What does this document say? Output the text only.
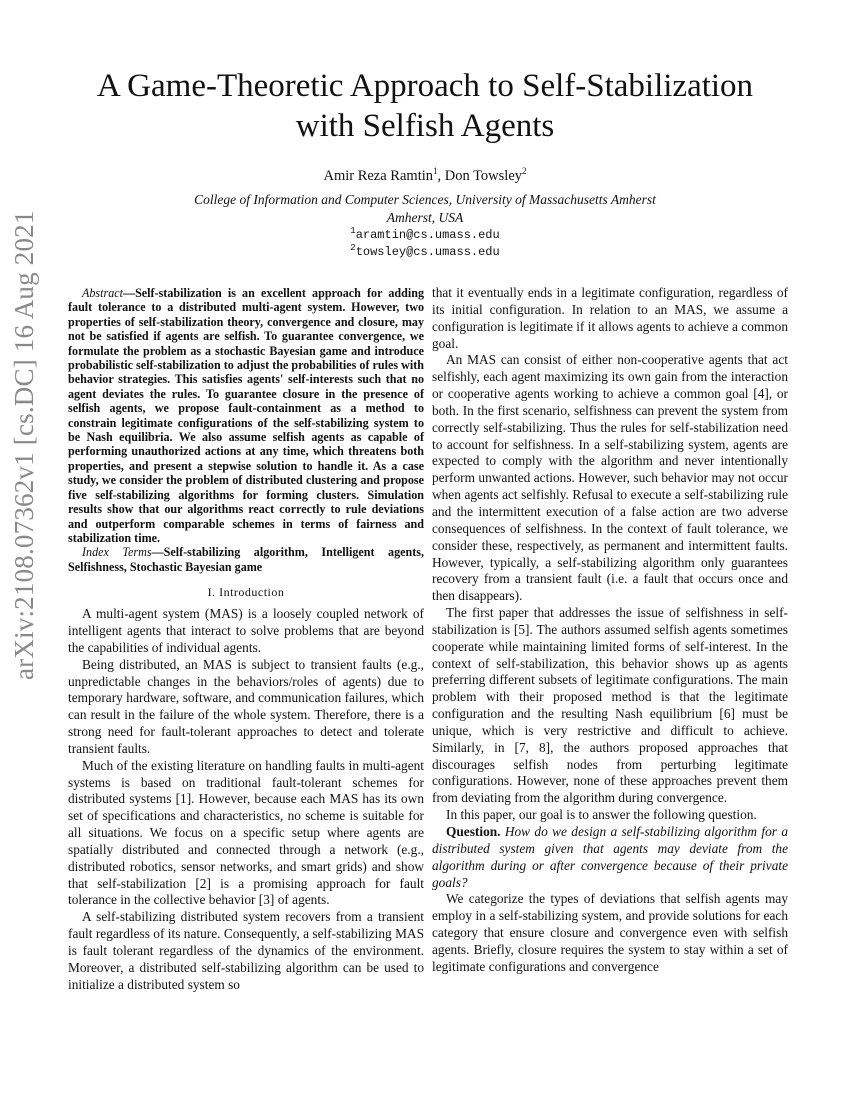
arXiv:2108.07362v1 [cs.DC] 16 Aug 2021
A Game-Theoretic Approach to Self-Stabilization
with Selfish Agents
Amir Reza Ramtin$^1$, Don Towsley$^2$
College of Information and Computer Sciences, University of Massachusetts Amherst
Amherst, USA
$^1$aramtin@cs.umass.edu
$^2$towsley@cs.umass.edu

Abstract—Self-stabilization is an excellent approach for adding fault tolerance to a distributed multi-agent system. However, two properties of self-stabilization theory, convergence and closure, may not be satisfied if agents are selfish. To guarantee convergence, we formulate the problem as a stochastic Bayesian game and introduce probabilistic self-stabilization to adjust the probabilities of rules with behavior strategies. This satisfies agents' self-interests such that no agent deviates the rules. To guarantee closure in the presence of selfish agents, we propose fault-containment as a method to constrain legitimate configurations of the self-stabilizing system to be Nash equilibria. We also assume selfish agents as capable of performing unauthorized actions at any time, which threatens both properties, and present a stepwise solution to handle it. As a case study, we consider the problem of distributed clustering and propose five self-stabilizing algorithms for forming clusters. Simulation results show that our algorithms react correctly to rule deviations and outperform comparable schemes in terms of fairness and stabilization time.

Index Terms—Self-stabilizing algorithm, Intelligent agents, Selfishness, Stochastic Bayesian game

I. Introduction

A multi-agent system (MAS) is a loosely coupled network of intelligent agents that interact to solve problems that are beyond the capabilities of individual agents.

Being distributed, an MAS is subject to transient faults (e.g., unpredictable changes in the behaviors/roles of agents) due to temporary hardware, software, and communication failures, which can result in the failure of the whole system. Therefore, there is a strong need for fault-tolerant approaches to detect and tolerate transient faults.

Much of the existing literature on handling faults in multi-agent systems is based on traditional fault-tolerant schemes for distributed systems [1]. However, because each MAS has its own set of specifications and characteristics, no scheme is suitable for all situations. We focus on a specific setup where agents are spatially distributed and connected through a network (e.g., distributed robotics, sensor networks, and smart grids) and show that self-stabilization [2] is a promising approach for fault tolerance in the collective behavior [3] of agents.

A self-stabilizing distributed system recovers from a transient fault regardless of its nature. Consequently, a self-stabilizing MAS is fault tolerant regardless of the dynamics of the environment. Moreover, a distributed self-stabilizing algorithm can be used to initialize a distributed system so

that it eventually ends in a legitimate configuration, regardless of its initial configuration. In relation to an MAS, we assume a configuration is legitimate if it allows agents to achieve a common goal.

An MAS can consist of either non-cooperative agents that act selfishly, each agent maximizing its own gain from the interaction or cooperative agents working to achieve a common goal [4], or both. In the first scenario, selfishness can prevent the system from correctly self-stabilizing. Thus the rules for self-stabilization need to account for selfishness. In a self-stabilizing system, agents are expected to comply with the algorithm and never intentionally perform unwanted actions. However, such behavior may not occur when agents act selfishly. Refusal to execute a self-stabilizing rule and the intermittent execution of a false action are two adverse consequences of selfishness. In the context of fault tolerance, we consider these, respectively, as permanent and intermittent faults. However, typically, a self-stabilizing algorithm only guarantees recovery from a transient fault (i.e. a fault that occurs once and then disappears).

The first paper that addresses the issue of selfishness in self-stabilization is [5]. The authors assumed selfish agents sometimes cooperate while maintaining limited forms of self-interest. In the context of self-stabilization, this behavior shows up as agents preferring different subsets of legitimate configurations. The main problem with their proposed method is that the legitimate configuration and the resulting Nash equilibrium [6] must be unique, which is very restrictive and difficult to achieve. Similarly, in [7, 8], the authors proposed approaches that discourages selfish nodes from perturbing legitimate configurations. However, none of these approaches prevent them from deviating from the algorithm during convergence.

In this paper, our goal is to answer the following question.

Question. How do we design a self-stabilizing algorithm for a distributed system given that agents may deviate from the algorithm during or after convergence because of their private goals?

We categorize the types of deviations that selfish agents may employ in a self-stabilizing system, and provide solutions for each category that ensure closure and convergence even with selfish agents. Briefly, closure requires the system to stay within a set of legitimate configurations and convergence
